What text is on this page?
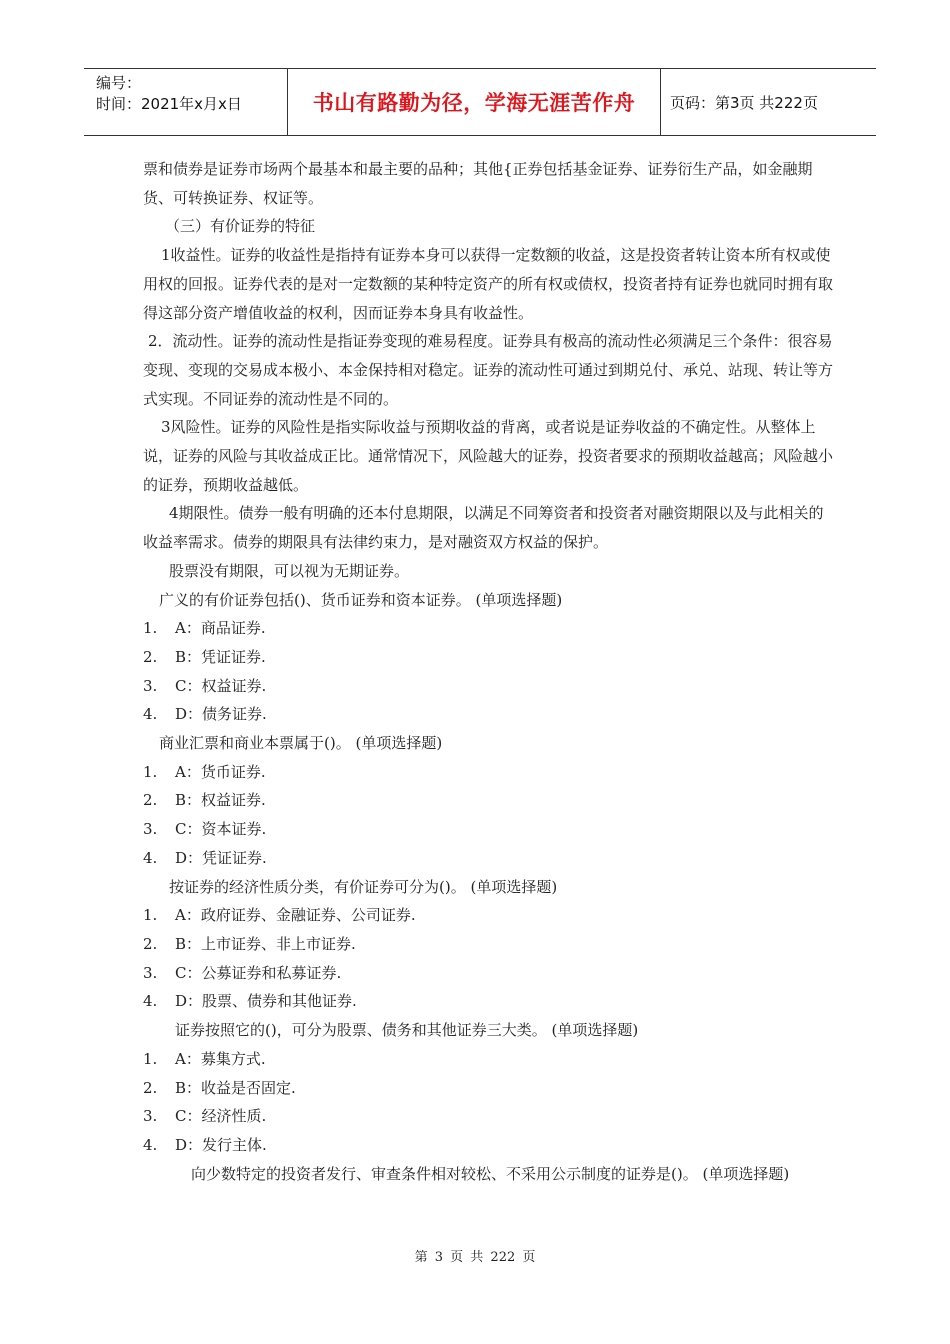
编号：
时间：2021年x月x日	书山有路勤为径，学海无涯苦作舟	页码：第3页 共222页

票和债券是证券市场两个最基本和最主要的品种；其他{正券包括基金证券、证券衍生产品，如金融期货、可转换证券、权证等。

（三）有价证券的特征

1收益性。证券的收益性是指持有证券本身可以获得一定数额的收益，这是投资者转让资本所有权或使用权的回报。证券代表的是对一定数额的某种特定资产的所有权或债权，投资者持有证券也就同时拥有取得这部分资产增值收益的权利，因而证券本身具有收益性。

2．流动性。证券的流动性是指证券变现的难易程度。证券具有极高的流动性必须满足三个条件：很容易变现、变现的交易成本极小、本金保持相对稳定。证券的流动性可通过到期兑付、承兑、站现、转让等方式实现。不同证券的流动性是不同的。

3风险性。证券的风险性是指实际收益与预期收益的背离，或者说是证券收益的不确定性。从整体上说，证券的风险与其收益成正比。通常情况下，风险越大的证券，投资者要求的预期收益越高；风险越小的证券，预期收益越低。

4期限性。债券一般有明确的还本付息期限，以满足不同筹资者和投资者对融资期限以及与此相关的收益率需求。债券的期限具有法律约束力，是对融资双方权益的保护。

股票没有期限，可以视为无期证券。

广义的有价证券包括()、货币证券和资本证券。 (单项选择题)

1.	A：商品证券.
2.	B：凭证证券.
3.	C：权益证券.
4.	D：债务证券.

商业汇票和商业本票属于()。 (单项选择题)

1.	A：货币证券.
2.	B：权益证券.
3.	C：资本证券.
4.	D：凭证证券.

按证券的经济性质分类，有价证券可分为()。 (单项选择题)

1.	A：政府证券、金融证券、公司证券.
2.	B：上市证券、非上市证券.
3.	C：公募证券和私募证券.
4.	D：股票、债券和其他证券.

证券按照它的()，可分为股票、债务和其他证券三大类。 (单项选择题)

1.	A：募集方式.
2.	B：收益是否固定.
3.	C：经济性质.
4.	D：发行主体.

向少数特定的投资者发行、审查条件相对较松、不采用公示制度的证券是()。 (单项选择题)

第 3 页 共 222 页
